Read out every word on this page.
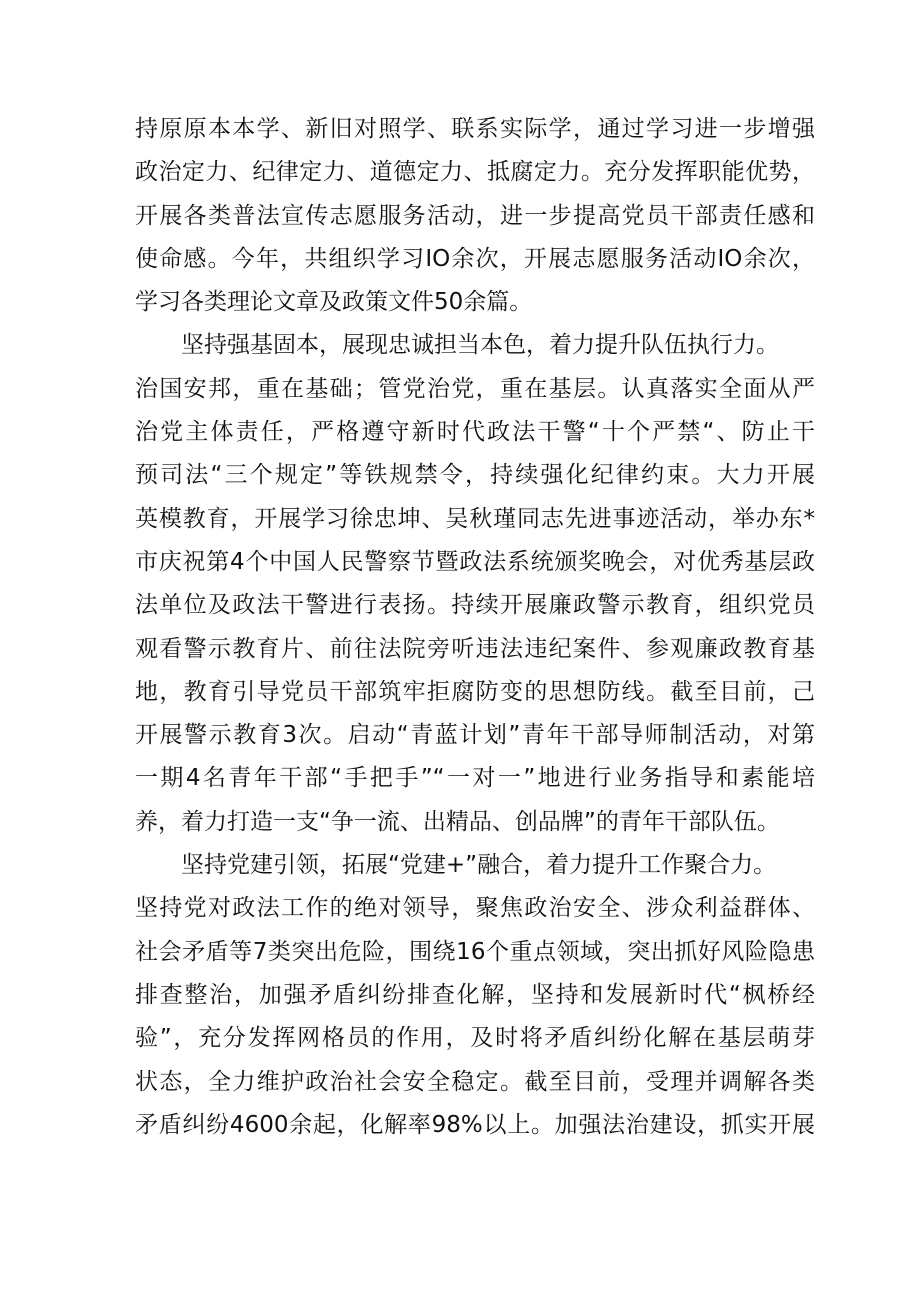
持原原本本学、新旧对照学、联系实际学，通过学习进一步增强
政治定力、纪律定力、道德定力、抵腐定力。充分发挥职能优势，
开展各类普法宣传志愿服务活动，进一步提高党员干部责任感和
使命感。今年，共组织学习IO余次，开展志愿服务活动IO余次，
学习各类理论文章及政策文件50余篇。
坚持强基固本，展现忠诚担当本色，着力提升队伍执行力。
治国安邦，重在基础；管党治党，重在基层。认真落实全面从严
治党主体责任，严格遵守新时代政法干警“十个严禁“、防止干
预司法“三个规定”等铁规禁令，持续强化纪律约束。大力开展
英模教育，开展学习徐忠坤、吴秋瑾同志先进事迹活动，举办东*
市庆祝第4个中国人民警察节暨政法系统颁奖晚会，对优秀基层政
法单位及政法干警进行表扬。持续开展廉政警示教育，组织党员
观看警示教育片、前往法院旁听违法违纪案件、参观廉政教育基
地，教育引导党员干部筑牢拒腐防变的思想防线。截至目前，己
开展警示教育3次。启动“青蓝计划”青年干部导师制活动，对第
一期4名青年干部“手把手”“一对一”地进行业务指导和素能培
养，着力打造一支“争一流、出精品、创品牌”的青年干部队伍。
坚持党建引领，拓展“党建+”融合，着力提升工作聚合力。
坚持党对政法工作的绝对领导，聚焦政治安全、涉众利益群体、
社会矛盾等7类突出危险，围绕16个重点领域，突出抓好风险隐患
排查整治，加强矛盾纠纷排查化解，坚持和发展新时代“枫桥经
验”，充分发挥网格员的作用，及时将矛盾纠纷化解在基层萌芽
状态，全力维护政治社会安全稳定。截至目前，受理并调解各类
矛盾纠纷4600余起，化解率98%以上。加强法治建设，抓实开展
